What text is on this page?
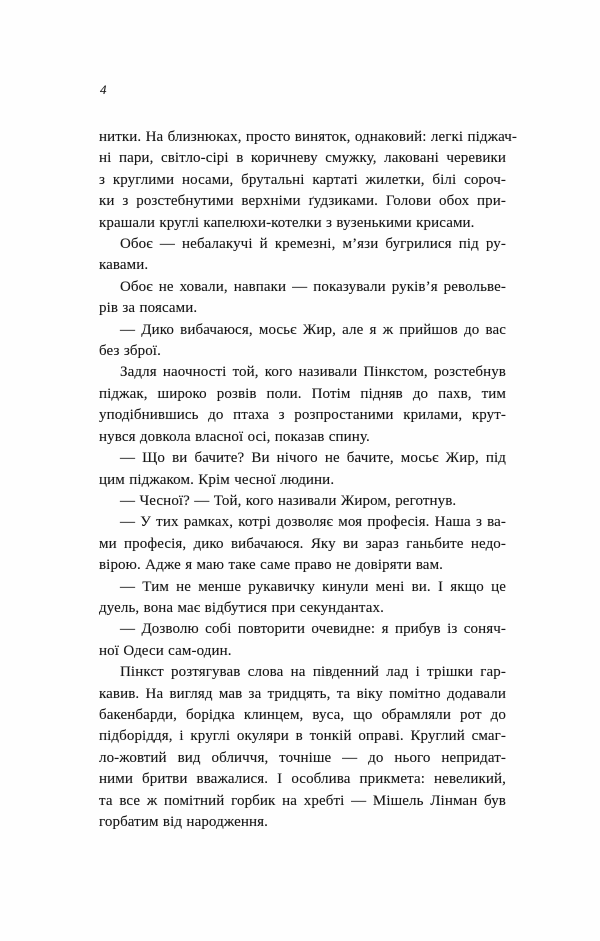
4

нитки. На близнюках, просто виняток, однаковий: легкі піджач-
ні пари, світло-сірі в коричневу смужку, лаковані черевики
з круглими носами, брутальні картаті жилетки, білі сороч-
ки з розстебнутими верхніми ґудзиками. Голови обох при-
крашали круглі капелюхи-котелки з вузенькими крисами.

Обоє — небалакучі й кремезні, м’язи бугрилися під ру-
кавами.

Обоє не ховали, навпаки — показували руків’я револьве-
рів за поясами.

— Дико вибачаюся, мосьє Жир, але я ж прийшов до вас
без зброї.

Задля наочності той, кого називали Пінкстом, розстебнув
піджак, широко розвів поли. Потім підняв до пахв, тим
уподібнившись до птаха з розпростаними крилами, крут-
нувся довкола власної осі, показав спину.

— Що ви бачите? Ви нічого не бачите, мосьє Жир, під
цим піджаком. Крім чесної людини.

— Чесної? — Той, кого називали Жиром, реготнув.

— У тих рамках, котрі дозволяє моя професія. Наша з ва-
ми професія, дико вибачаюся. Яку ви зараз ганьбите недо-
вірою. Адже я маю таке саме право не довіряти вам.

— Тим не менше рукавичку кинули мені ви. І якщо це
дуель, вона має відбутися при секундантах.

— Дозволю собі повторити очевидне: я прибув із соняч-
ної Одеси сам-один.

Пінкст розтягував слова на південний лад і трішки гар-
кавив. На вигляд мав за тридцять, та віку помітно додавали
бакенбарди, борідка клинцем, вуса, що обрамляли рот до
підборіддя, і круглі окуляри в тонкій оправі. Круглий смаг-
ло-жовтий вид обличчя, точніше — до нього непридат-
ними бритви вважалися. І особлива прикмета: невеликий,
та все ж помітний горбик на хребті — Мішель Лінман був
горбатим від народження.
